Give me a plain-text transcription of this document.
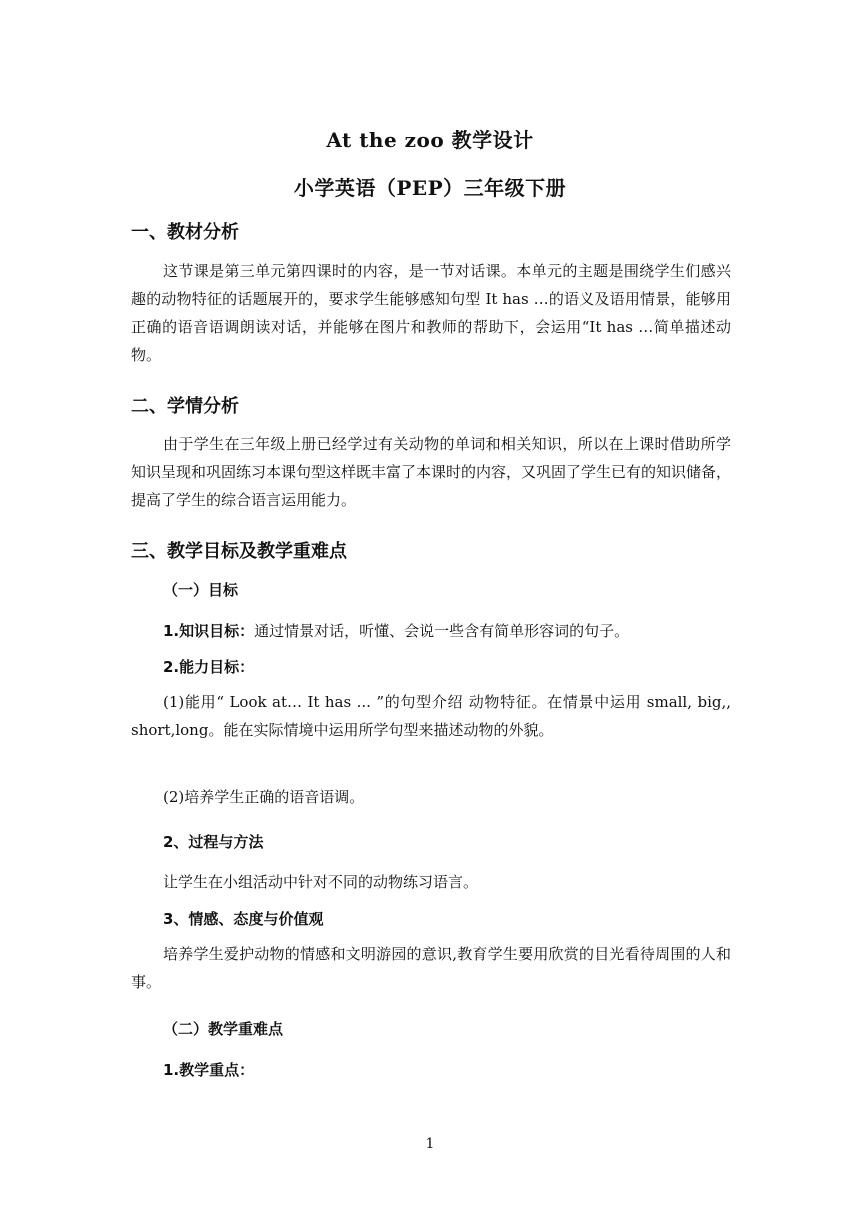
At the zoo 教学设计
小学英语（PEP）三年级下册
一、教材分析

这节课是第三单元第四课时的内容，是一节对话课。本单元的主题是围绕学生们感兴趣的动物特征的话题展开的，要求学生能够感知句型 It has …的语义及语用情景，能够用正确的语音语调朗读对话，并能够在图片和教师的帮助下，会运用“It has …简单描述动物。

二、学情分析

由于学生在三年级上册已经学过有关动物的单词和相关知识，所以在上课时借助所学知识呈现和巩固练习本课句型这样既丰富了本课时的内容，又巩固了学生已有的知识储备，提高了学生的综合语言运用能力。

三、教学目标及教学重难点
（一）目标
1.知识目标：通过情景对话，听懂、会说一些含有简单形容词的句子。
2.能力目标：

(1)能用“ Look at… It has ... ”的句型介绍 动物特征。在情景中运用 small, big,, short,long。能在实际情境中运用所学句型来描述动物的外貌。

(2)培养学生正确的语音语调。
2、过程与方法
让学生在小组活动中针对不同的动物练习语言。
3、情感、态度与价值观

培养学生爱护动物的情感和文明游园的意识,教育学生要用欣赏的目光看待周围的人和事。

（二）教学重难点
1.教学重点：
1
